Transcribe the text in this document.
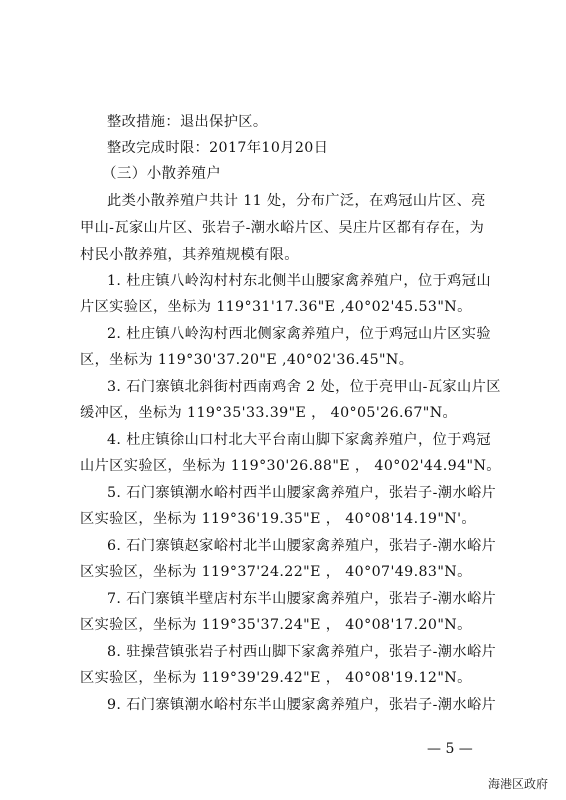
整改措施：退出保护区。
整改完成时限：2017年10月20日
（三）小散养殖户
此类小散养殖户共计 11 处，分布广泛，在鸡冠山片区、亮
甲山-瓦家山片区、张岩子-潮水峪片区、吴庄片区都有存在，为
村民小散养殖，其养殖规模有限。
1. 杜庄镇八岭沟村村东北侧半山腰家禽养殖户，位于鸡冠山
片区实验区，坐标为 119°31'17.36"E ,40°02'45.53"N。
2. 杜庄镇八岭沟村西北侧家禽养殖户，位于鸡冠山片区实验
区，坐标为 119°30'37.20"E ,40°02'36.45"N。
3. 石门寨镇北斜街村西南鸡舍 2 处，位于亮甲山-瓦家山片区
缓冲区，坐标为 119°35'33.39"E ， 40°05'26.67"N。
4. 杜庄镇徐山口村北大平台南山脚下家禽养殖户，位于鸡冠
山片区实验区，坐标为 119°30'26.88"E ， 40°02'44.94"N。
5. 石门寨镇潮水峪村西半山腰家禽养殖户，张岩子-潮水峪片
区实验区，坐标为 119°36'19.35"E ， 40°08'14.19"N'。
6. 石门寨镇赵家峪村北半山腰家禽养殖户，张岩子-潮水峪片
区实验区，坐标为 119°37'24.22"E ， 40°07'49.83"N。
7. 石门寨镇半壁店村东半山腰家禽养殖户，张岩子-潮水峪片
区实验区，坐标为 119°35'37.24"E ， 40°08'17.20"N。
8. 驻操营镇张岩子村西山脚下家禽养殖户，张岩子-潮水峪片
区实验区，坐标为 119°39'29.42"E ， 40°08'19.12"N。
9. 石门寨镇潮水峪村东半山腰家禽养殖户，张岩子-潮水峪片
— 5 —
海港区政府
